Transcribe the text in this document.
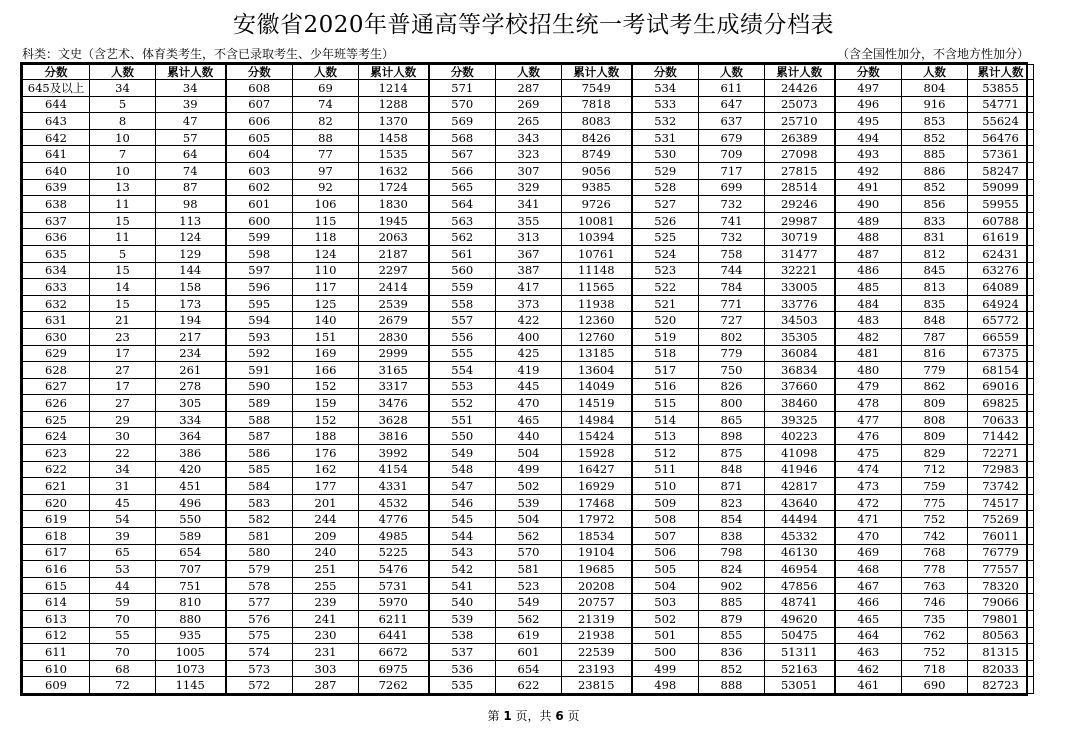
安徽省2020年普通高等学校招生统一考试考生成绩分档表
科类：文史（含艺术、体育类考生，不含已录取考生、少年班等考生）	（含全国性加分，不含地方性加分）
分数	人数	累计人数	分数	人数	累计人数	分数	人数	累计人数	分数	人数	累计人数	分数	人数	累计人数
645及以上	34	34	608	69	1214	571	287	7549	534	611	24426	497	804	53855
644	5	39	607	74	1288	570	269	7818	533	647	25073	496	916	54771
643	8	47	606	82	1370	569	265	8083	532	637	25710	495	853	55624
642	10	57	605	88	1458	568	343	8426	531	679	26389	494	852	56476
641	7	64	604	77	1535	567	323	8749	530	709	27098	493	885	57361
640	10	74	603	97	1632	566	307	9056	529	717	27815	492	886	58247
639	13	87	602	92	1724	565	329	9385	528	699	28514	491	852	59099
638	11	98	601	106	1830	564	341	9726	527	732	29246	490	856	59955
637	15	113	600	115	1945	563	355	10081	526	741	29987	489	833	60788
636	11	124	599	118	2063	562	313	10394	525	732	30719	488	831	61619
635	5	129	598	124	2187	561	367	10761	524	758	31477	487	812	62431
634	15	144	597	110	2297	560	387	11148	523	744	32221	486	845	63276
633	14	158	596	117	2414	559	417	11565	522	784	33005	485	813	64089
632	15	173	595	125	2539	558	373	11938	521	771	33776	484	835	64924
631	21	194	594	140	2679	557	422	12360	520	727	34503	483	848	65772
630	23	217	593	151	2830	556	400	12760	519	802	35305	482	787	66559
629	17	234	592	169	2999	555	425	13185	518	779	36084	481	816	67375
628	27	261	591	166	3165	554	419	13604	517	750	36834	480	779	68154
627	17	278	590	152	3317	553	445	14049	516	826	37660	479	862	69016
626	27	305	589	159	3476	552	470	14519	515	800	38460	478	809	69825
625	29	334	588	152	3628	551	465	14984	514	865	39325	477	808	70633
624	30	364	587	188	3816	550	440	15424	513	898	40223	476	809	71442
623	22	386	586	176	3992	549	504	15928	512	875	41098	475	829	72271
622	34	420	585	162	4154	548	499	16427	511	848	41946	474	712	72983
621	31	451	584	177	4331	547	502	16929	510	871	42817	473	759	73742
620	45	496	583	201	4532	546	539	17468	509	823	43640	472	775	74517
619	54	550	582	244	4776	545	504	17972	508	854	44494	471	752	75269
618	39	589	581	209	4985	544	562	18534	507	838	45332	470	742	76011
617	65	654	580	240	5225	543	570	19104	506	798	46130	469	768	76779
616	53	707	579	251	5476	542	581	19685	505	824	46954	468	778	77557
615	44	751	578	255	5731	541	523	20208	504	902	47856	467	763	78320
614	59	810	577	239	5970	540	549	20757	503	885	48741	466	746	79066
613	70	880	576	241	6211	539	562	21319	502	879	49620	465	735	79801
612	55	935	575	230	6441	538	619	21938	501	855	50475	464	762	80563
611	70	1005	574	231	6672	537	601	22539	500	836	51311	463	752	81315
610	68	1073	573	303	6975	536	654	23193	499	852	52163	462	718	82033
609	72	1145	572	287	7262	535	622	23815	498	888	53051	461	690	82723
第 1 页，共 6 页
